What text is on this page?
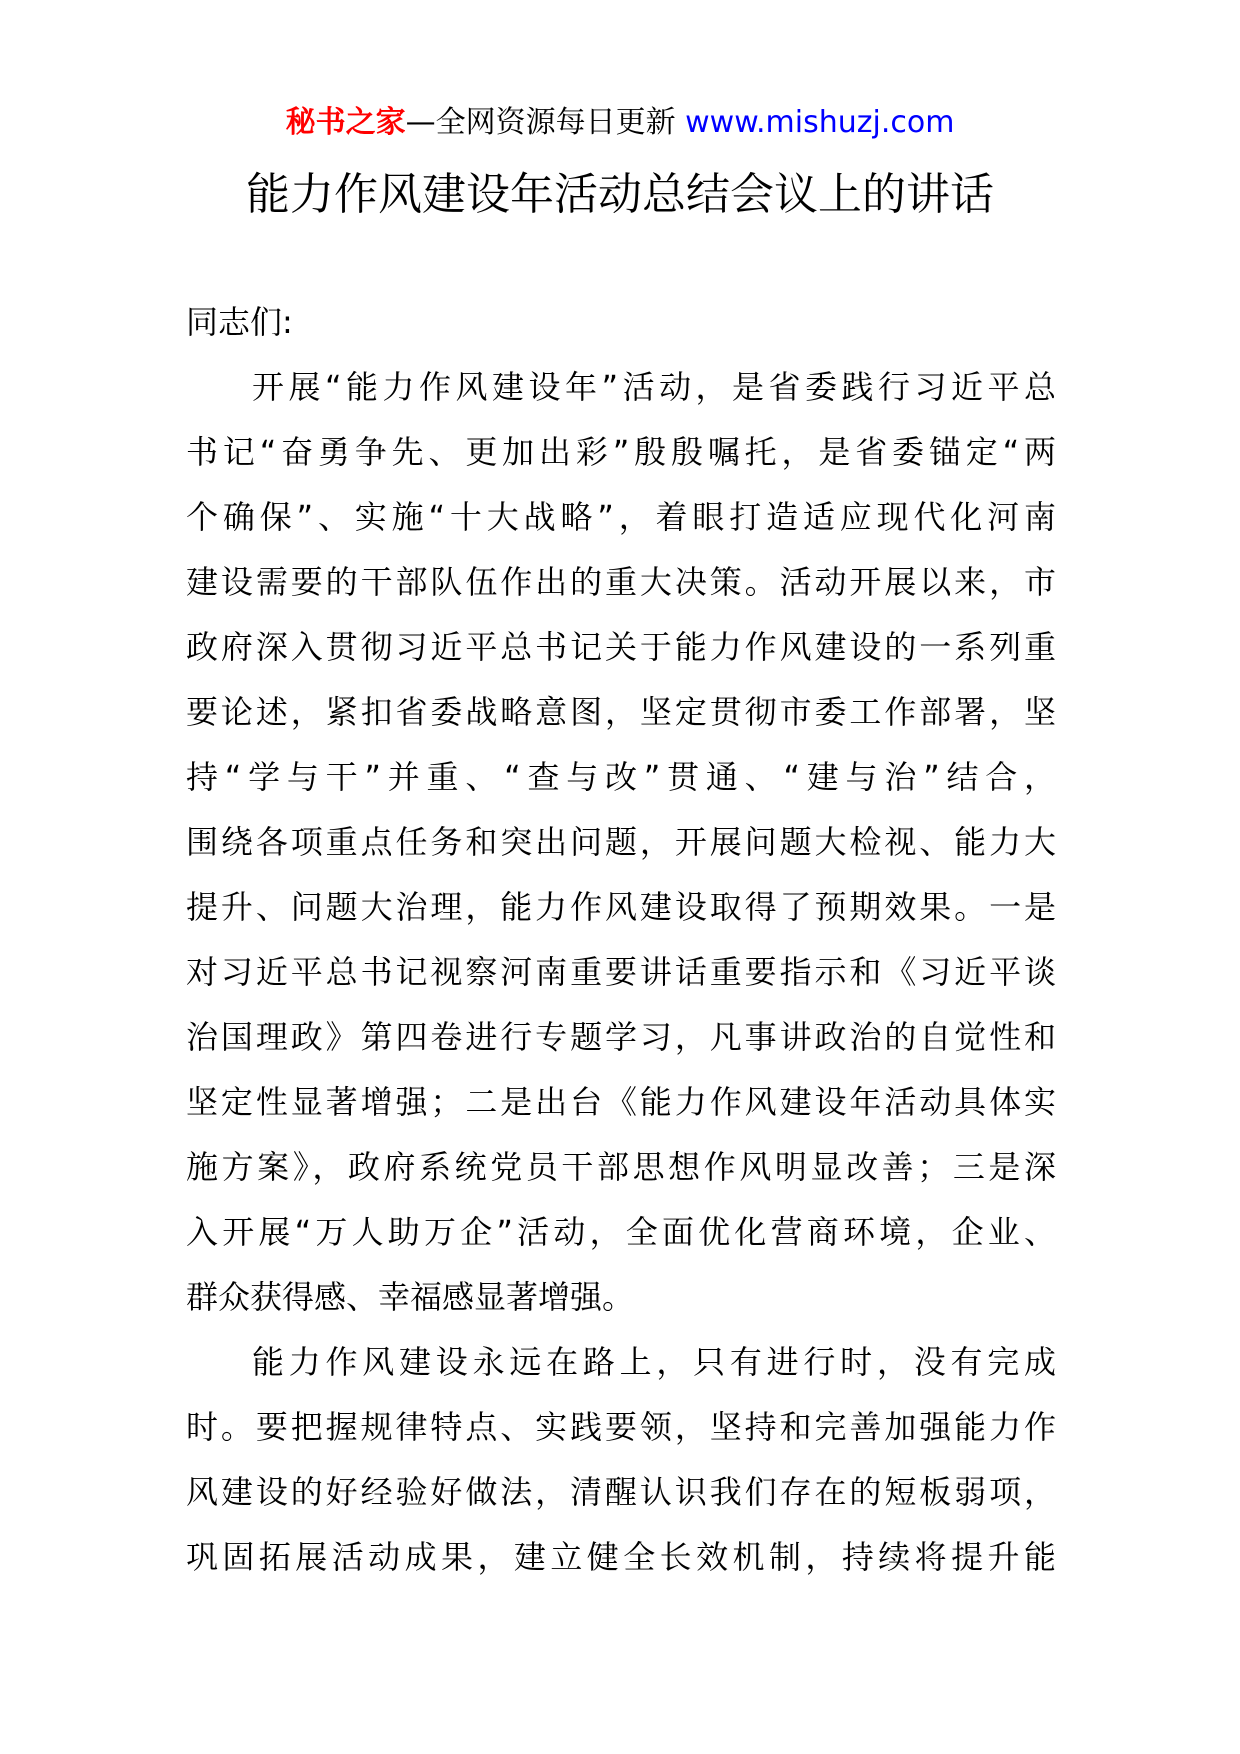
秘书之家—全网资源每日更新 www.mishuzj.com
能力作风建设年活动总结会议上的讲话
同志们:
开展“能力作风建设年”活动，是省委践行习近平总
书记“奋勇争先、更加出彩”殷殷嘱托，是省委锚定“两
个确保”、实施“十大战略”，着眼打造适应现代化河南
建设需要的干部队伍作出的重大决策。活动开展以来，市
政府深入贯彻习近平总书记关于能力作风建设的一系列重
要论述，紧扣省委战略意图，坚定贯彻市委工作部署，坚
持“学与干”并重、“查与改”贯通、“建与治”结合，
围绕各项重点任务和突出问题，开展问题大检视、能力大
提升、问题大治理，能力作风建设取得了预期效果。一是
对习近平总书记视察河南重要讲话重要指示和《习近平谈
治国理政》第四卷进行专题学习，凡事讲政治的自觉性和
坚定性显著增强；二是出台《能力作风建设年活动具体实
施方案》，政府系统党员干部思想作风明显改善；三是深
入开展“万人助万企”活动，全面优化营商环境，企业、
群众获得感、幸福感显著增强。
能力作风建设永远在路上，只有进行时，没有完成
时。要把握规律特点、实践要领，坚持和完善加强能力作
风建设的好经验好做法，清醒认识我们存在的短板弱项，
巩固拓展活动成果，建立健全长效机制，持续将提升能
